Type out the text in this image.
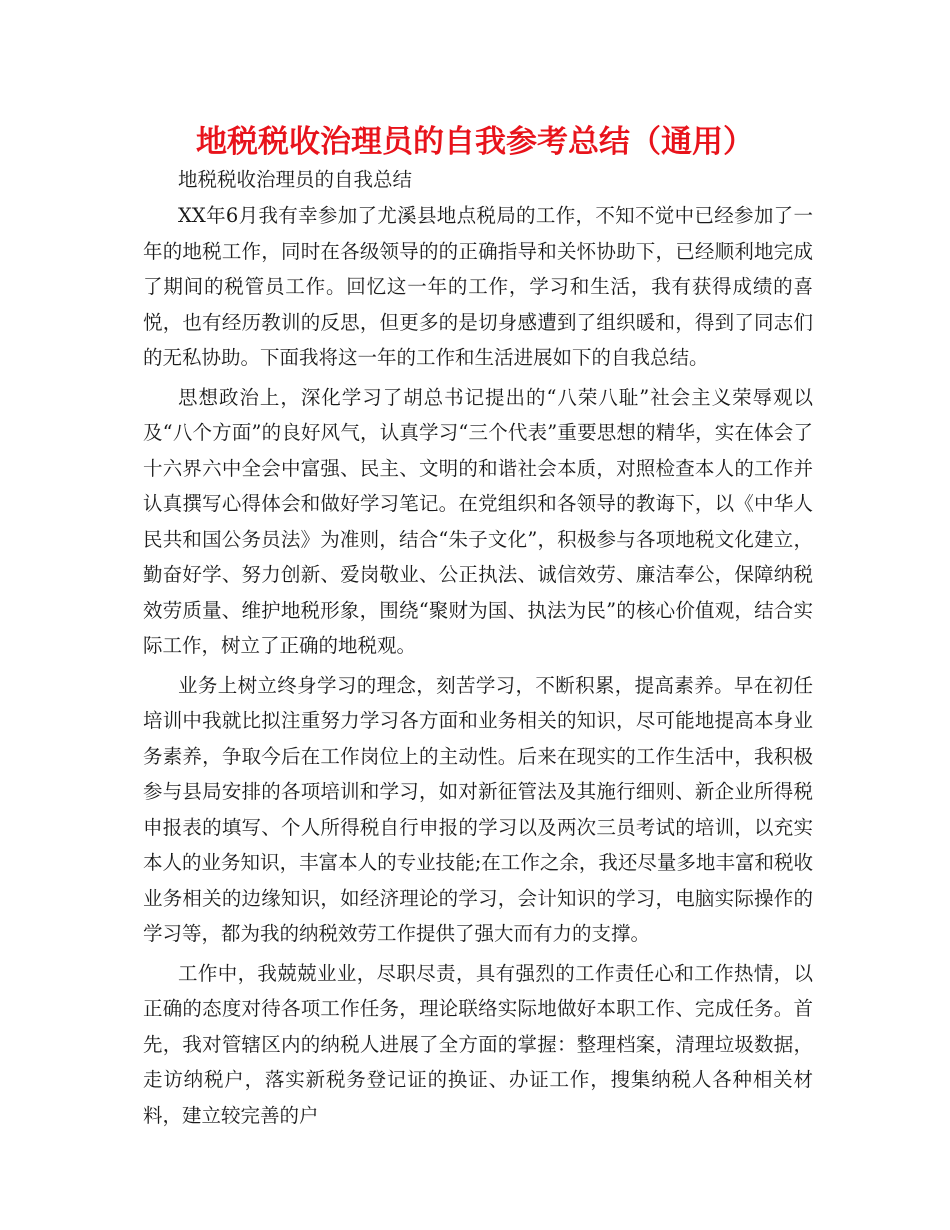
地税税收治理员的自我参考总结（通用）

地税税收治理员的自我总结

XX年6月我有幸参加了尤溪县地点税局的工作，不知不觉中已经参加了一年的地税工作，同时在各级领导的的正确指导和关怀协助下，已经顺利地完成了期间的税管员工作。回忆这一年的工作，学习和生活，我有获得成绩的喜悦，也有经历教训的反思，但更多的是切身感遭到了组织暖和，得到了同志们的无私协助。下面我将这一年的工作和生活进展如下的自我总结。

思想政治上，深化学习了胡总书记提出的“八荣八耻”社会主义荣辱观以及“八个方面”的良好风气，认真学习“三个代表”重要思想的精华，实在体会了十六界六中全会中富强、民主、文明的和谐社会本质，对照检查本人的工作并认真撰写心得体会和做好学习笔记。在党组织和各领导的教诲下，以《中华人民共和国公务员法》为准则，结合“朱子文化”，积极参与各项地税文化建立，勤奋好学、努力创新、爱岗敬业、公正执法、诚信效劳、廉洁奉公，保障纳税效劳质量、维护地税形象，围绕“聚财为国、执法为民”的核心价值观，结合实际工作，树立了正确的地税观。

业务上树立终身学习的理念，刻苦学习，不断积累，提高素养。早在初任培训中我就比拟注重努力学习各方面和业务相关的知识，尽可能地提高本身业务素养，争取今后在工作岗位上的主动性。后来在现实的工作生活中，我积极参与县局安排的各项培训和学习，如对新征管法及其施行细则、新企业所得税申报表的填写、个人所得税自行申报的学习以及两次三员考试的培训，以充实本人的业务知识，丰富本人的专业技能;在工作之余，我还尽量多地丰富和税收业务相关的边缘知识，如经济理论的学习，会计知识的学习，电脑实际操作的学习等，都为我的纳税效劳工作提供了强大而有力的支撑。

工作中，我兢兢业业，尽职尽责，具有强烈的工作责任心和工作热情，以正确的态度对待各项工作任务，理论联络实际地做好本职工作、完成任务。首先，我对管辖区内的纳税人进展了全方面的掌握：整理档案，清理垃圾数据，走访纳税户，落实新税务登记证的换证、办证工作，搜集纳税人各种相关材料，建立较完善的户
